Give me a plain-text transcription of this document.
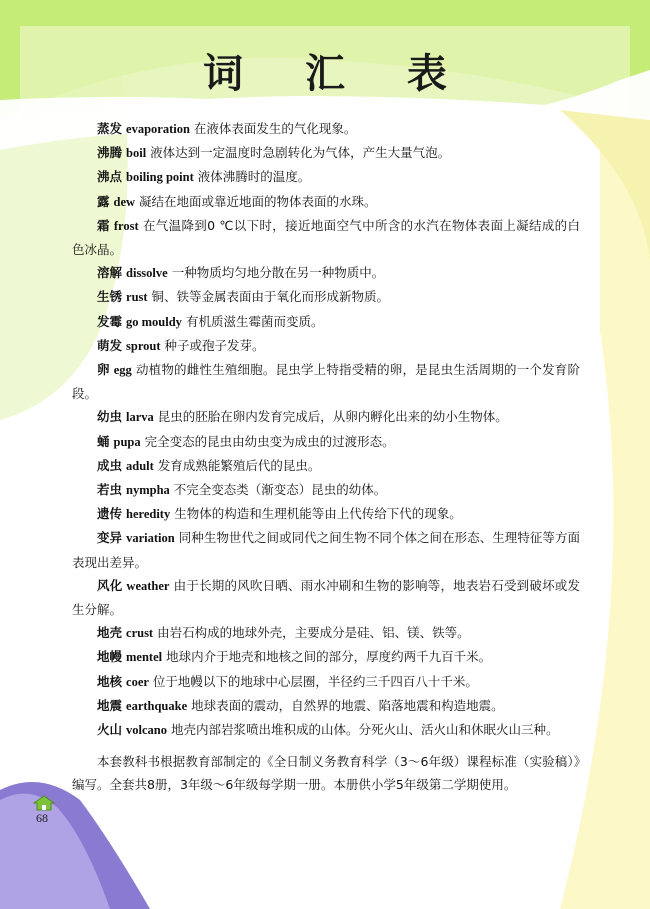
词 汇 表

蒸发 evaporation 在液体表面发生的气化现象。

沸腾 boil 液体达到一定温度时急剧转化为气体，产生大量气泡。

沸点 boiling point 液体沸腾时的温度。

露 dew 凝结在地面或靠近地面的物体表面的水珠。

霜 frost 在气温降到0 ℃以下时，接近地面空气中所含的水汽在物体表面上凝结成的白色冰晶。

溶解 dissolve 一种物质均匀地分散在另一种物质中。

生锈 rust 铜、铁等金属表面由于氧化而形成新物质。

发霉 go mouldy 有机质滋生霉菌而变质。

萌发 sprout 种子或孢子发芽。

卵 egg 动植物的雌性生殖细胞。昆虫学上特指受精的卵，是昆虫生活周期的一个发育阶段。

幼虫 larva 昆虫的胚胎在卵内发育完成后，从卵内孵化出来的幼小生物体。

蛹 pupa 完全变态的昆虫由幼虫变为成虫的过渡形态。

成虫 adult 发育成熟能繁殖后代的昆虫。

若虫 nympha 不完全变态类（渐变态）昆虫的幼体。

遗传 heredity 生物体的构造和生理机能等由上代传给下代的现象。

变异 variation 同种生物世代之间或同代之间生物不同个体之间在形态、生理特征等方面表现出差异。

风化 weather 由于长期的风吹日晒、雨水冲刷和生物的影响等，地表岩石受到破坏或发生分解。

地壳 crust 由岩石构成的地球外壳，主要成分是硅、铝、镁、铁等。

地幔 mentel 地球内介于地壳和地核之间的部分，厚度约两千九百千米。

地核 coer 位于地幔以下的地球中心层圈，半径约三千四百八十千米。

地震 earthquake 地球表面的震动，自然界的地震、陷落地震和构造地震。

火山 volcano 地壳内部岩浆喷出堆积成的山体。分死火山、活火山和休眠火山三种。

本套教科书根据教育部制定的《全日制义务教育科学（3～6年级）课程标准（实验稿）》编写。全套共8册，3年级～6年级每学期一册。本册供小学5年级第二学期使用。

68
